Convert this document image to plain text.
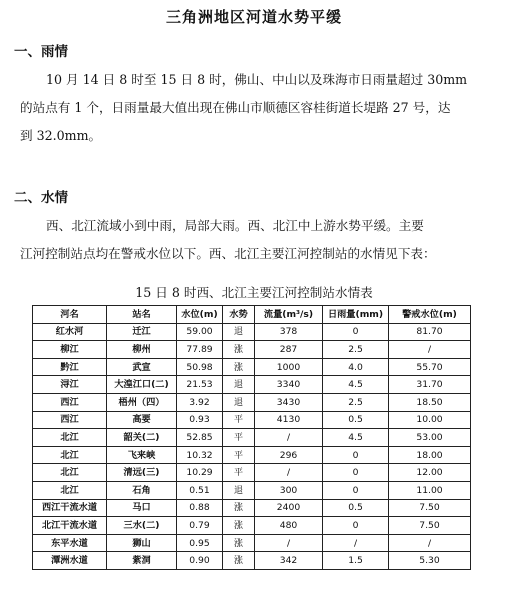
三角洲地区河道水势平缓
一、雨情

10 月 14 日 8 时至 15 日 8 时，佛山、中山以及珠海市日雨量超过 30mm
的站点有 1 个，日雨量最大值出现在佛山市顺德区容桂街道长堤路 27 号，达
到 32.0mm。

二、水情

西、北江流域小到中雨，局部大雨。西、北江中上游水势平缓。主要
江河控制站点均在警戒水位以下。西、北江主要江河控制站的水情见下表：

15 日 8 时西、北江主要江河控制站水情表
河名	站名	水位(m)	水势	流量(m³/s)	日雨量(mm)	警戒水位(m)
红水河	迁江	59.00	退	378	0	81.70
柳江	柳州	77.89	涨	287	2.5	/
黔江	武宣	50.98	涨	1000	4.0	55.70
浔江	大湟江口(二)	21.53	退	3340	4.5	31.70
西江	梧州（四）	3.92	退	3430	2.5	18.50
西江	高要	0.93	平	4130	0.5	10.00
北江	韶关(二)	52.85	平	/	4.5	53.00
北江	飞来峡	10.32	平	296	0	18.00
北江	清远(三)	10.29	平	/	0	12.00
北江	石角	0.51	退	300	0	11.00
西江干流水道	马口	0.88	涨	2400	0.5	7.50
北江干流水道	三水(二)	0.79	涨	480	0	7.50
东平水道	狮山	0.95	涨	/	/	/
潭洲水道	紫洞	0.90	涨	342	1.5	5.30
